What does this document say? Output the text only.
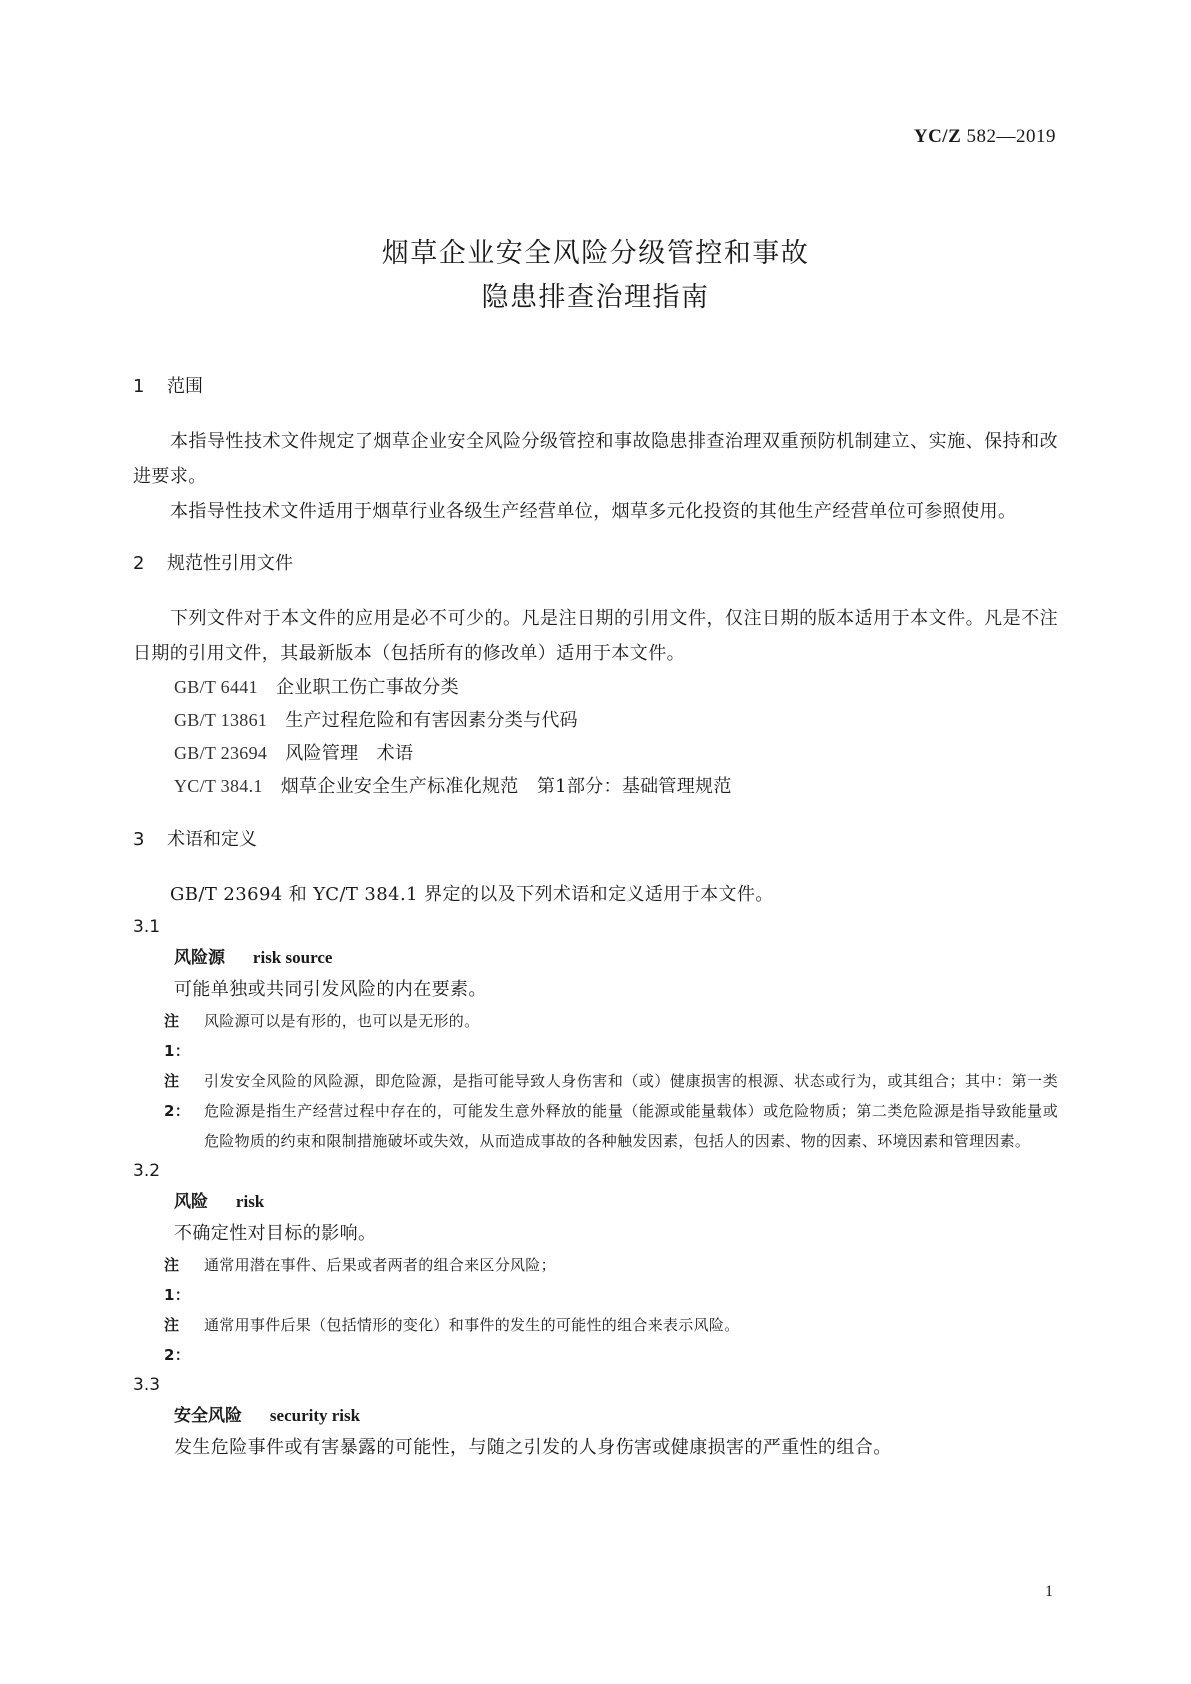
YC/Z 582—2019
烟草企业安全风险分级管控和事故
隐患排查治理指南
1	范围
本指导性技术文件规定了烟草企业安全风险分级管控和事故隐患排查治理双重预防机制建立、实施、保持和改进要求。
本指导性技术文件适用于烟草行业各级生产经营单位，烟草多元化投资的其他生产经营单位可参照使用。
2	规范性引用文件
下列文件对于本文件的应用是必不可少的。凡是注日期的引用文件，仅注日期的版本适用于本文件。凡是不注日期的引用文件，其最新版本（包括所有的修改单）适用于本文件。
GB/T 6441 企业职工伤亡事故分类
GB/T 13861 生产过程危险和有害因素分类与代码
GB/T 23694 风险管理　术语
YC/T 384.1 烟草企业安全生产标准化规范　第1部分：基础管理规范
3	术语和定义
GB/T 23694 和 YC/T 384.1 界定的以及下列术语和定义适用于本文件。
3.1
风险源 risk source
可能单独或共同引发风险的内在要素。
注 1：
风险源可以是有形的，也可以是无形的。
注 2：
引发安全风险的风险源，即危险源，是指可能导致人身伤害和（或）健康损害的根源、状态或行为，或其组合；其中：第一类危险源是指生产经营过程中存在的，可能发生意外释放的能量（能源或能量载体）或危险物质；第二类危险源是指导致能量或危险物质的约束和限制措施破坏或失效，从而造成事故的各种触发因素，包括人的因素、物的因素、环境因素和管理因素。
3.2
风险 risk
不确定性对目标的影响。
注 1：
通常用潜在事件、后果或者两者的组合来区分风险；
注 2：
通常用事件后果（包括情形的变化）和事件的发生的可能性的组合来表示风险。
3.3
安全风险 security risk
发生危险事件或有害暴露的可能性，与随之引发的人身伤害或健康损害的严重性的组合。
1
